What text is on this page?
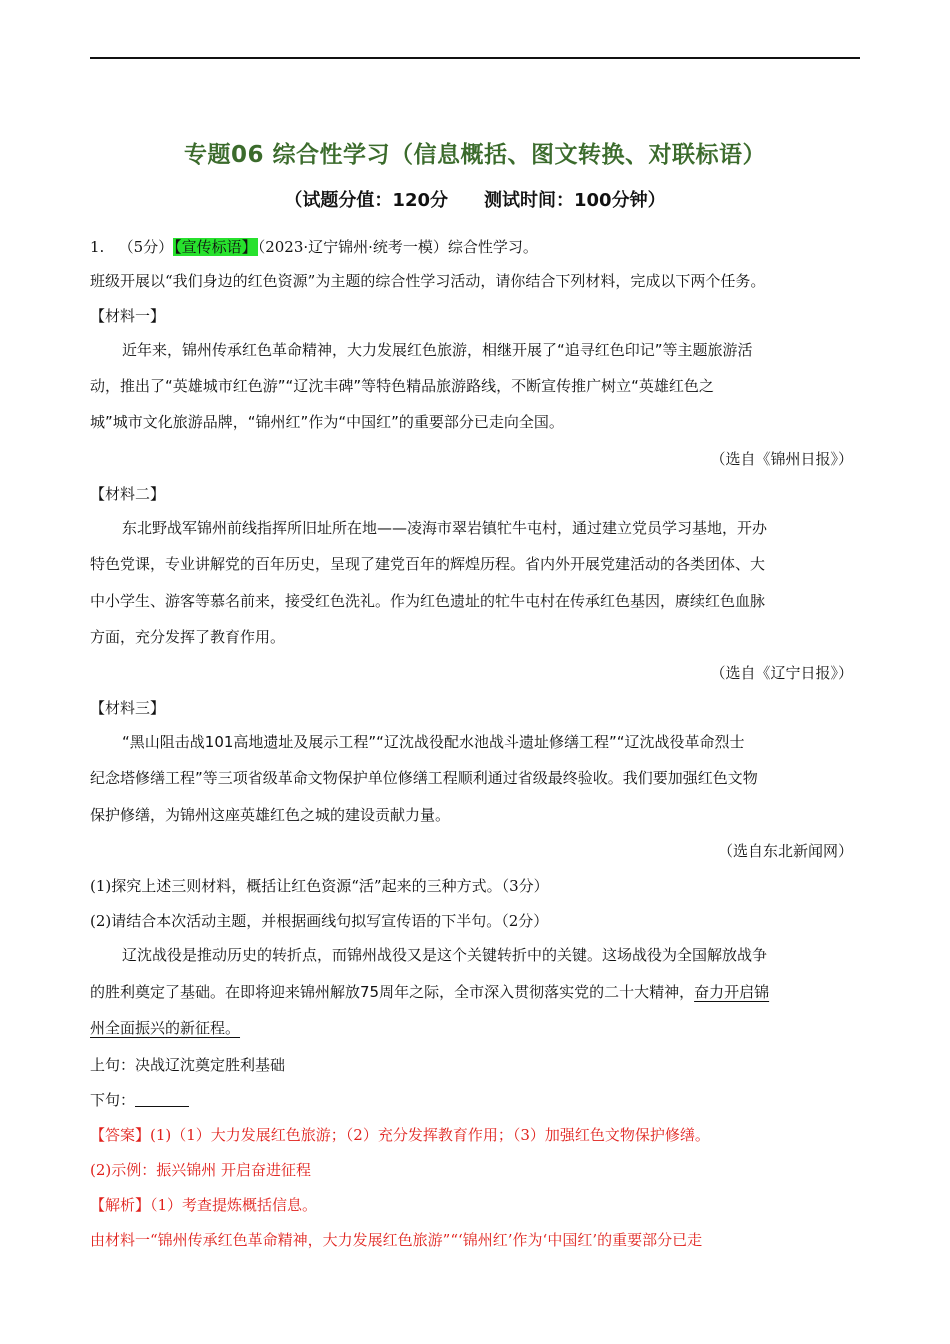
专题06 综合性学习（信息概括、图文转换、对联标语）
（试题分值：120分 测试时间：100分钟）
1. （5分）【宣传标语】（2023·辽宁锦州·统考一模）综合性学习。
班级开展以“我们身边的红色资源”为主题的综合性学习活动，请你结合下列材料，完成以下两个任务。
【材料一】
近年来，锦州传承红色革命精神，大力发展红色旅游，相继开展了“追寻红色印记”等主题旅游活
动，推出了“英雄城市红色游”“辽沈丰碑”等特色精品旅游路线，不断宣传推广树立“英雄红色之
城”城市文化旅游品牌，“锦州红”作为“中国红”的重要部分已走向全国。
（选自《锦州日报》）
【材料二】
东北野战军锦州前线指挥所旧址所在地——凌海市翠岩镇牤牛屯村，通过建立党员学习基地，开办
特色党课，专业讲解党的百年历史，呈现了建党百年的辉煌历程。省内外开展党建活动的各类团体、大
中小学生、游客等慕名前来，接受红色洗礼。作为红色遗址的牤牛屯村在传承红色基因，赓续红色血脉
方面，充分发挥了教育作用。
（选自《辽宁日报》）
【材料三】
“黑山阻击战101高地遗址及展示工程”“辽沈战役配水池战斗遗址修缮工程”“辽沈战役革命烈士
纪念塔修缮工程”等三项省级革命文物保护单位修缮工程顺利通过省级最终验收。我们要加强红色文物
保护修缮，为锦州这座英雄红色之城的建设贡献力量。
（选自东北新闻网）
(1)探究上述三则材料，概括让红色资源“活”起来的三种方式。（3分）
(2)请结合本次活动主题，并根据画线句拟写宣传语的下半句。（2分）
辽沈战役是推动历史的转折点，而锦州战役又是这个关键转折中的关键。这场战役为全国解放战争
的胜利奠定了基础。在即将迎来锦州解放75周年之际，全市深入贯彻落实党的二十大精神，奋力开启锦
州全面振兴的新征程。
上句：决战辽沈奠定胜利基础
下句：
【答案】(1)（1）大力发展红色旅游；（2）充分发挥教育作用；（3）加强红色文物保护修缮。
(2)示例：振兴锦州 开启奋进征程
【解析】（1）考查提炼概括信息。
由材料一“锦州传承红色革命精神，大力发展红色旅游”“‘锦州红’作为‘中国红’的重要部分已走
